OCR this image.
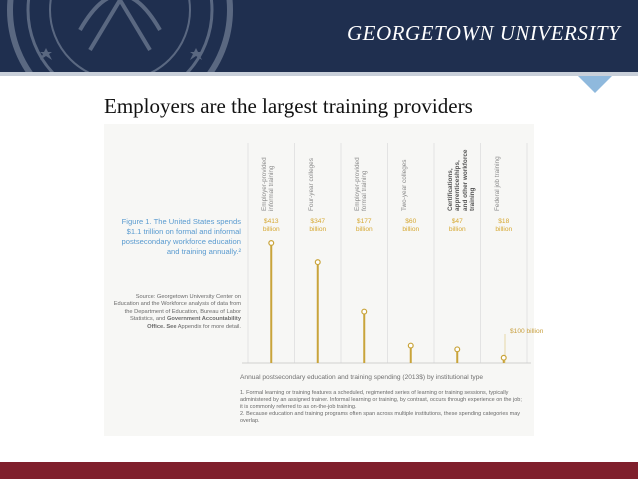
GEORGETOWN UNIVERSITY
Employers are the largest training providers
Figure 1. The United States spends $1.1 trillion on formal and informal postsecondary workforce education and training annually.²
Source: Georgetown University Center on Education and the Workforce analysis of data from the Department of Education, Bureau of Labor Statistics, and Government Accountability Office. See Appendix for more detail.
$413
billion
Employer-provided informal training
$347
billion
Four-year colleges
$177
billion
Employer-provided formal training
$60
billion
Two-year colleges
$47
billion
Certifications, apprenticeships, and other workforce training
$18
billion
Federal job training
$100 billion
Annual postsecondary education and training spending (2013$) by institutional type
1. Formal learning or training features a scheduled, regimented series of learning or training sessions, typically administered by an assigned trainer. Informal learning or training, by contrast, occurs through experience on the job; it is commonly referred to as on-the-job training.
2. Because education and training programs often span across multiple institutions, these spending categories may overlap.
